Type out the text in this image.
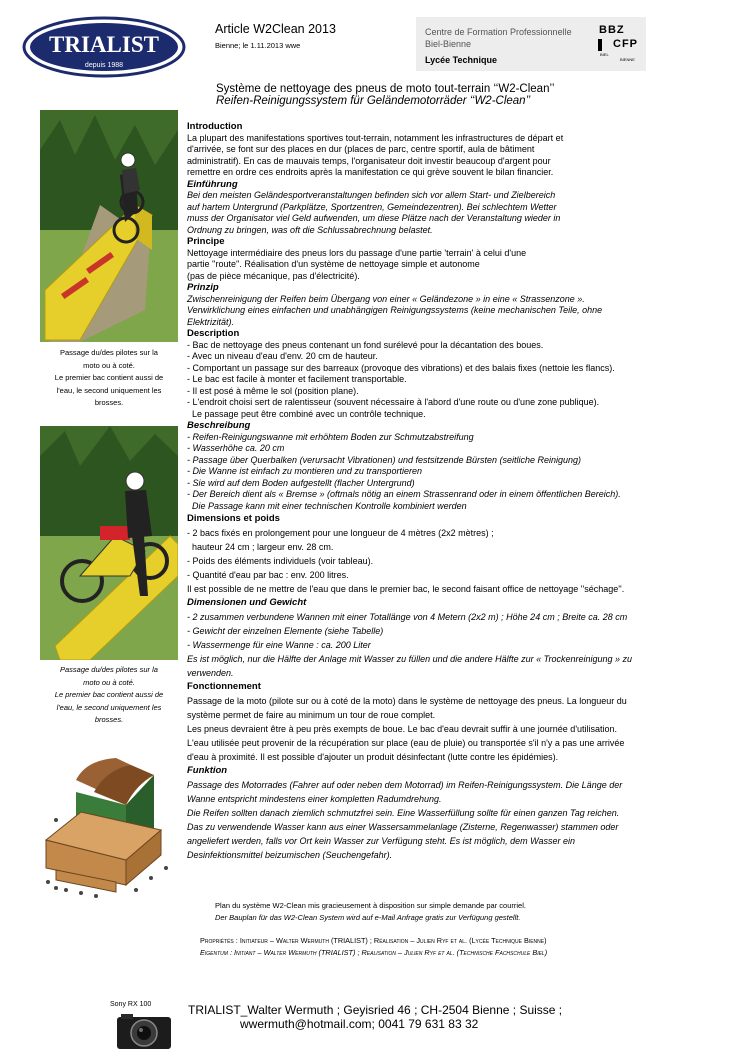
TRIALIST
depuis 1988
Article W2Clean 2013
Bienne; le 1.11.2013 wwe
Centre de Formation Professionnelle
Biel-Bienne
Lycée Technique
BBZ
CFP
BIEL
BIENNE
Système de nettoyage des pneus de moto tout-terrain ‘‘W2-Clean’’
Reifen-Reinigungssystem für Geländemotorräder ‘‘W2-Clean’’
Passage du/des pilotes sur la
moto ou à coté.
Le premier bac contient aussi de
l'eau, le second uniquement les
brosses.
Passage du/des pilotes sur la
moto ou à coté.
Le premier bac contient aussi de
l'eau, le second uniquement les
brosses.

Introduction

La plupart des manifestations sportives tout-terrain, notamment les infrastructures de départ et

d'arrivée, se font sur des places en dur (places de parc, centre sportif, aula de bâtiment

administratif). En cas de mauvais temps, l'organisateur doit investir beaucoup d'argent pour

remettre en ordre ces endroits après la manifestation ce qui grève souvent le bilan financier.

Einführung

Bei den meisten Geländesportveranstaltungen befinden sich vor allem Start- und Zielbereich

auf hartem Untergrund (Parkplätze, Sportzentren, Gemeindezentren). Bei schlechtem Wetter

muss der Organisator viel Geld aufwenden, um diese Plätze nach der Veranstaltung wieder in

Ordnung zu bringen, was oft die Schlussabrechnung belastet.

Principe

Nettoyage intermédiaire des pneus lors du passage d'une partie 'terrain' à celui d'une

partie ''route''. Réalisation d'un système de nettoyage simple et autonome

(pas de pièce mécanique, pas d'électricité).

Prinzip

Zwischenreinigung der Reifen beim Übergang von einer « Geländezone » in eine « Strassenzone ».

Verwirklichung eines einfachen und unabhängigen Reinigungssystems (keine mechanischen Teile, ohne

Elektrizität).

Description

- Bac de nettoyage des pneus contenant un fond surélevé pour la décantation des boues.

- Avec un niveau d'eau d'env. 20 cm de hauteur.

- Comportant un passage sur des barreaux (provoque des vibrations) et des balais fixes (nettoie les flancs).

- Le bac est facile à monter et facilement transportable.

- Il est posé à même le sol (position plane).

- L'endroit choisi sert de ralentisseur (souvent nécessaire à l'abord d'une route ou d'une zone publique).

Le passage peut être combiné avec un contrôle technique.

Beschreibung

- Reifen-Reinigungswanne mit erhöhtem Boden zur Schmutzabstreifung

- Wasserhöhe ca. 20 cm

- Passage über Querbalken (verursacht Vibrationen) und festsitzende Bürsten (seitliche Reinigung)

- Die Wanne ist einfach zu montieren und zu transportieren

- Sie wird auf dem Boden aufgestellt (flacher Untergrund)

- Der Bereich dient als « Bremse » (oftmals nötig an einem Strassenrand oder in einem öffentlichen Bereich).

Die Passage kann mit einer technischen Kontrolle kombiniert werden

Dimensions et poids

- 2 bacs fixés en prolongement pour une longueur de 4 mètres (2x2 mètres) ;

hauteur 24 cm ; largeur env. 28 cm.

- Poids des éléments individuels (voir tableau).

- Quantité d'eau par bac : env. 200 litres.

Il est possible de ne mettre de l'eau que dans le premier bac, le second faisant office de nettoyage ''séchage''.

Dimensionen und Gewicht

- 2 zusammen verbundene Wannen mit einer Totallänge von 4 Metern (2x2 m) ; Höhe 24 cm ; Breite ca. 28 cm

- Gewicht der einzelnen Elemente (siehe Tabelle)

- Wassermenge für eine Wanne : ca. 200 Liter

Es ist möglich, nur die Hälfte der Anlage mit Wasser zu füllen und die andere Hälfte zur « Trockenreinigung » zu

verwenden.

Fonctionnement

Passage de la moto (pilote sur ou à coté de la moto) dans le système de nettoyage des pneus. La longueur du

système permet de faire au minimum un tour de roue complet.

Les pneus devraient être à peu près exempts de boue. Le bac d'eau devrait suffir à une journée d'utilisation.

L'eau utilisée peut provenir de la récupération sur place (eau de pluie) ou transportée s'il n'y a pas une arrivée

d'eau à proximité. Il est possible d'ajouter un produit désinfectant (lutte contre les épidémies).

Funktion

Passage des Motorrades (Fahrer auf oder neben dem Motorrad) im Reifen-Reinigungssystem. Die Länge der

Wanne entspricht mindestens einer kompletten Radumdrehung.

Die Reifen sollten danach ziemlich schmutzfrei sein. Eine Wasserfüllung sollte für einen ganzen Tag reichen.

Das zu verwendende Wasser kann aus einer Wassersammelanlage (Zisterne, Regenwasser) stammen oder

angeliefert werden, falls vor Ort kein Wasser zur Verfügung steht. Es ist möglich, dem Wasser ein

Desinfektionsmittel beizumischen (Seuchengefahr).

Plan du système W2-Clean mis gracieusement à disposition sur simple demande par courriel.
Der Bauplan für das W2-Clean System wird auf e-Mail Anfrage gratis zur Verfügung gestellt.
Propriétés : Initiateur – Walter Wermuth (TRIALIST) ; Réalisation – Julien Ryf et al. (Lycée Technique Bienne)
Eigentum : Initiant – Walter Wermuth (TRIALIST) ; Realisation – Julien Ryf et al. (Technische Fachschule Biel)
Sony RX 100	TRIALIST_Walter Wermuth ; Geyisried 46 ; CH-2504 Bienne ; Suisse ;
wwermuth@hotmail.com; 0041 79 631 83 32
